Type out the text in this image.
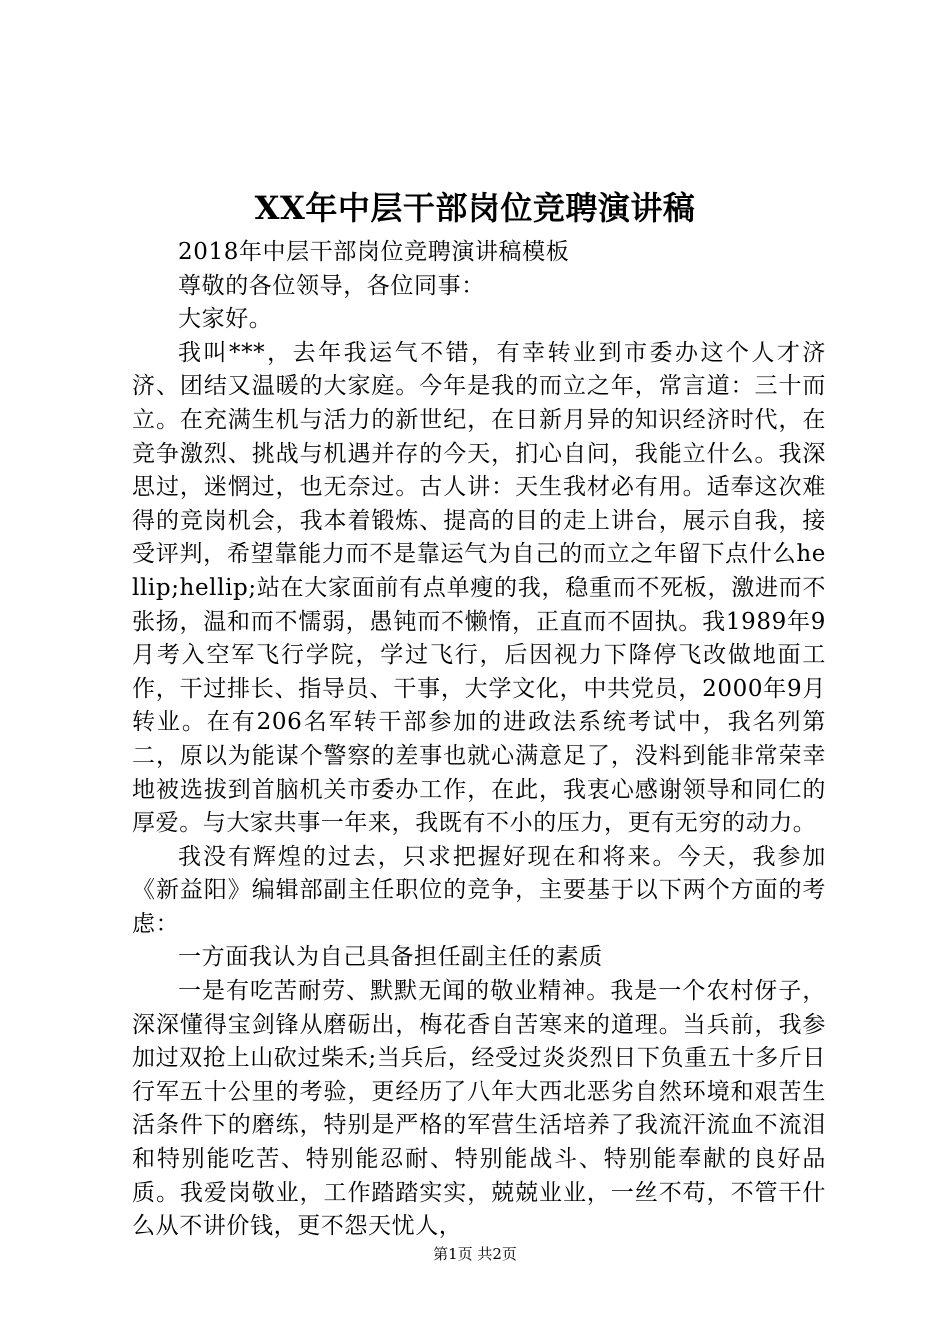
XX年中层干部岗位竞聘演讲稿

2018年中层干部岗位竞聘演讲稿模板

尊敬的各位领导，各位同事：

大家好。

我叫***，去年我运气不错，有幸转业到市委办这个人才济济、团结又温暖的大家庭。今年是我的而立之年，常言道：三十而立。在充满生机与活力的新世纪，在日新月异的知识经济时代，在竞争激烈、挑战与机遇并存的今天，扪心自问，我能立什么。我深思过，迷惘过，也无奈过。古人讲：天生我材必有用。适奉这次难得的竞岗机会，我本着锻炼、提高的目的走上讲台，展示自我，接受评判，希望靠能力而不是靠运气为自己的而立之年留下点什么hellip;hellip;站在大家面前有点单瘦的我，稳重而不死板，激进而不张扬，温和而不懦弱，愚钝而不懒惰，正直而不固执。我1989年9月考入空军飞行学院，学过飞行，后因视力下降停飞改做地面工作，干过排长、指导员、干事，大学文化，中共党员，2000年9月转业。在有206名军转干部参加的进政法系统考试中，我名列第二，原以为能谋个警察的差事也就心满意足了，没料到能非常荣幸地被选拔到首脑机关市委办工作，在此，我衷心感谢领导和同仁的厚爱。与大家共事一年来，我既有不小的压力，更有无穷的动力。

我没有辉煌的过去，只求把握好现在和将来。今天，我参加《新益阳》编辑部副主任职位的竞争，主要基于以下两个方面的考虑：

一方面我认为自己具备担任副主任的素质

一是有吃苦耐劳、默默无闻的敬业精神。我是一个农村伢子，深深懂得宝剑锋从磨砺出，梅花香自苦寒来的道理。当兵前，我参加过双抢上山砍过柴禾;当兵后，经受过炎炎烈日下负重五十多斤日行军五十公里的考验，更经历了八年大西北恶劣自然环境和艰苦生活条件下的磨练，特别是严格的军营生活培养了我流汗流血不流泪和特别能吃苦、特别能忍耐、特别能战斗、特别能奉献的良好品质。我爱岗敬业，工作踏踏实实，兢兢业业，一丝不苟，不管干什么从不讲价钱，更不怨天忧人，

第1页 共2页
